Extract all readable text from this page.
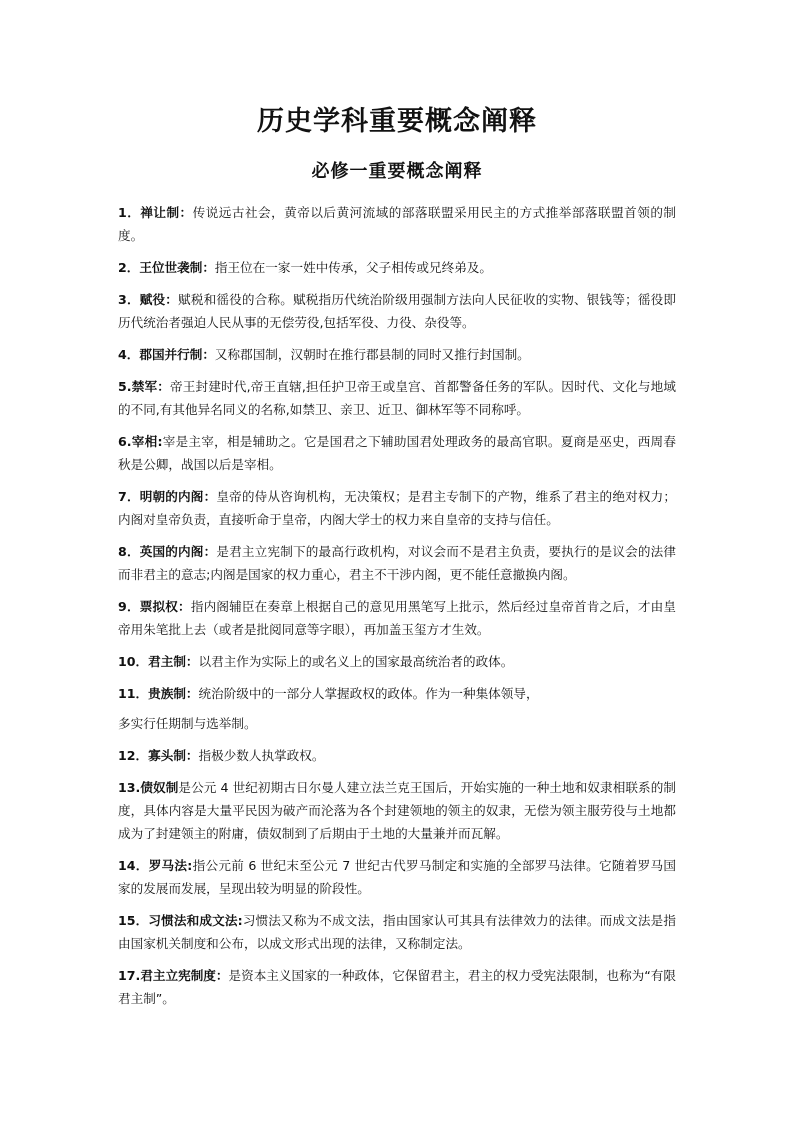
历史学科重要概念阐释
必修一重要概念阐释

1．禅让制：传说远古社会，黄帝以后黄河流域的部落联盟采用民主的方式推举部落联盟首领的制度。

2．王位世袭制：指王位在一家一姓中传承，父子相传或兄终弟及。

3．赋役：赋税和徭役的合称。赋税指历代统治阶级用强制方法向人民征收的实物、银钱等；徭役即历代统治者强迫人民从事的无偿劳役,包括军役、力役、杂役等。

4．郡国并行制：又称郡国制，汉朝时在推行郡县制的同时又推行封国制。

5.禁军：帝王封建时代,帝王直辖,担任护卫帝王或皇宫、首都警备任务的军队。因时代、文化与地域的不同,有其他异名同义的名称,如禁卫、亲卫、近卫、御林军等不同称呼。

6.宰相:宰是主宰，相是辅助之。它是国君之下辅助国君处理政务的最高官职。夏商是巫史，西周春秋是公卿，战国以后是宰相。

7．明朝的内阁：皇帝的侍从咨询机构，无决策权；是君主专制下的产物，维系了君主的绝对权力；内阁对皇帝负责，直接听命于皇帝，内阁大学士的权力来自皇帝的支持与信任。

8．英国的内阁：是君主立宪制下的最高行政机构，对议会而不是君主负责，要执行的是议会的法律而非君主的意志;内阁是国家的权力重心，君主不干涉内阁，更不能任意撤换内阁。

9．票拟权：指内阁辅臣在奏章上根据自己的意见用黑笔写上批示，然后经过皇帝首肯之后，才由皇帝用朱笔批上去（或者是批阅同意等字眼），再加盖玉玺方才生效。

10．君主制：以君主作为实际上的或名义上的国家最高统治者的政体。

11．贵族制：统治阶级中的一部分人掌握政权的政体。作为一种集体领导，

多实行任期制与选举制。

12．寡头制：指极少数人执掌政权。

13.债奴制是公元 4 世纪初期古日尔曼人建立法兰克王国后，开始实施的一种土地和奴隶相联系的制度，具体内容是大量平民因为破产而沦落为各个封建领地的领主的奴隶，无偿为领主服劳役与土地都成为了封建领主的附庸，债奴制到了后期由于土地的大量兼并而瓦解。

14．罗马法:指公元前 6 世纪末至公元 7 世纪古代罗马制定和实施的全部罗马法律。它随着罗马国家的发展而发展，呈现出较为明显的阶段性。

15．习惯法和成文法:习惯法又称为不成文法，指由国家认可其具有法律效力的法律。而成文法是指由国家机关制度和公布，以成文形式出现的法律，又称制定法。

17.君主立宪制度：是资本主义国家的一种政体，它保留君主，君主的权力受宪法限制，也称为“有限君主制”。
